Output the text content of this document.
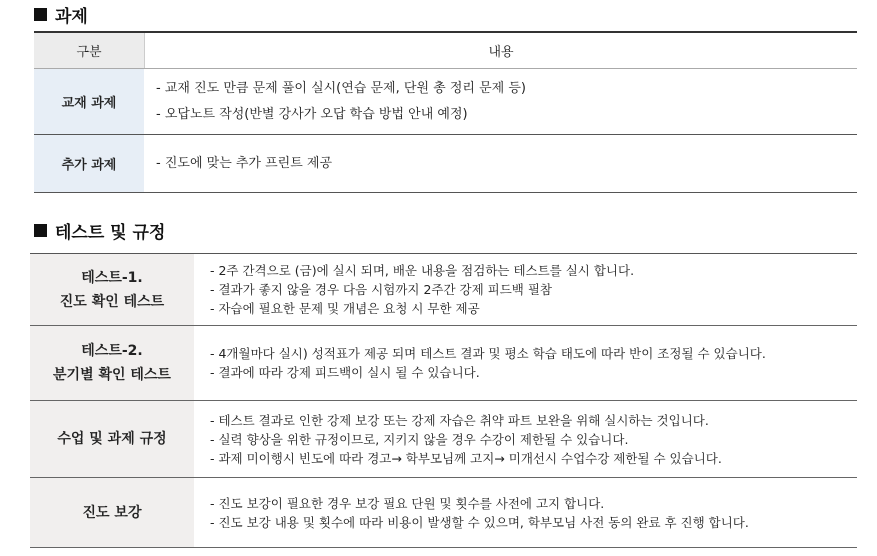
과제
구분	내용
교재 과제
- 교재 진도 만큼 문제 풀이 실시(연습 문제, 단원 총 정리 문제 등)
- 오답노트 작성(반별 강사가 오답 학습 방법 안내 예정)
추가 과제	- 진도에 맞는 추가 프린트 제공
테스트 및 규정
테스트-1.
진도 확인 테스트
- 2주 간격으로 (금)에 실시 되며, 배운 내용을 점검하는 테스트를 실시 합니다.
- 결과가 좋지 않을 경우 다음 시험까지 2주간 강제 피드백 필참
- 자습에 필요한 문제 및 개념은 요청 시 무한 제공
테스트-2.
분기별 확인 테스트
- 4개월마다 실시) 성적표가 제공 되며 테스트 결과 및 평소 학습 태도에 따라 반이 조정될 수 있습니다.
- 결과에 따라 강제 피드백이 실시 될 수 있습니다.
수업 및 과제 규정
- 테스트 결과로 인한 강제 보강 또는 강제 자습은 취약 파트 보완을 위해 실시하는 것입니다.
- 실력 향상을 위한 규정이므로, 지키지 않을 경우 수강이 제한될 수 있습니다.
- 과제 미이행시 빈도에 따라 경고→ 학부모님께 고지→ 미개선시 수업수강 제한될 수 있습니다.
진도 보강
- 진도 보강이 필요한 경우 보강 필요 단원 및 횟수를 사전에 고지 합니다.
- 진도 보강 내용 및 횟수에 따라 비용이 발생할 수 있으며, 학부모님 사전 동의 완료 후 진행 합니다.
